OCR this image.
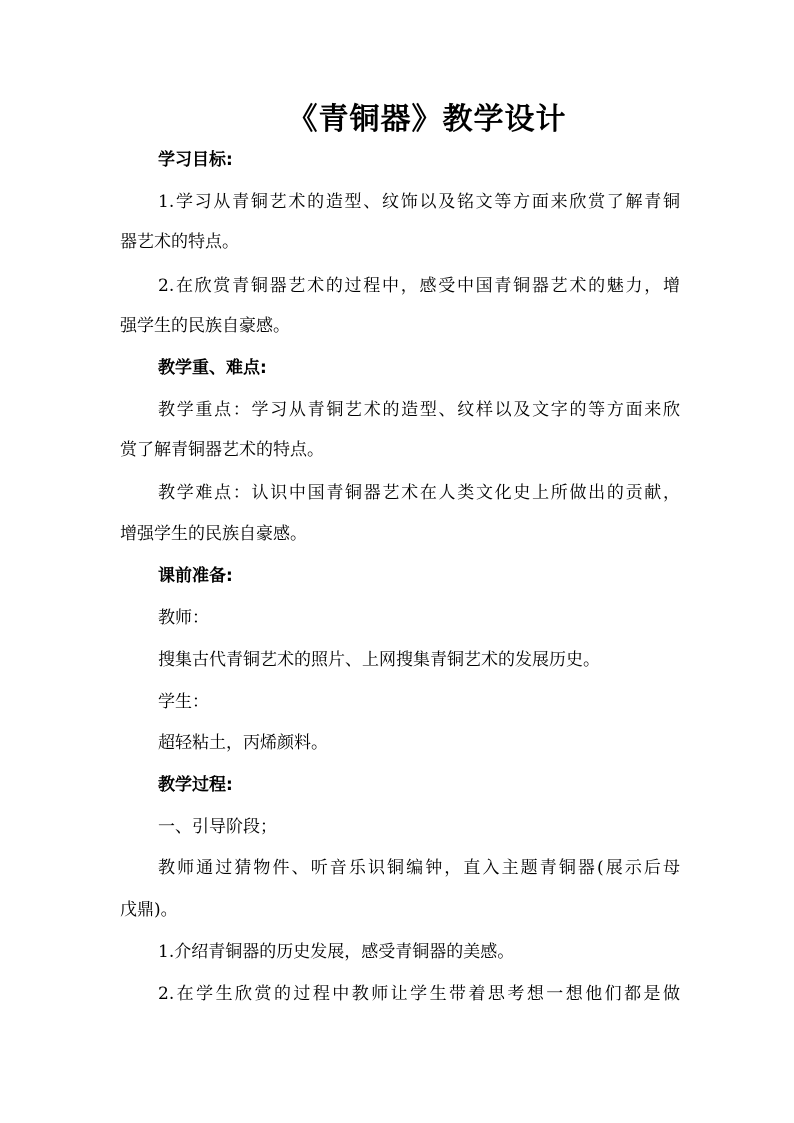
《青铜器》教学设计
学习目标:
1.学习从青铜艺术的造型、纹饰以及铭文等方面来欣赏了解青铜
器艺术的特点。
2.在欣赏青铜器艺术的过程中，感受中国青铜器艺术的魅力，增
强学生的民族自豪感。
教学重、难点:
教学重点：学习从青铜艺术的造型、纹样以及文字的等方面来欣
赏了解青铜器艺术的特点。
教学难点：认识中国青铜器艺术在人类文化史上所做出的贡献，
增强学生的民族自豪感。
课前准备:
教师：
搜集古代青铜艺术的照片、上网搜集青铜艺术的发展历史。
学生：
超轻粘土，丙烯颜料。
教学过程:
一、引导阶段；
教师通过猜物件、听音乐识铜编钟，直入主题青铜器(展示后母
戊鼎)。
1.介绍青铜器的历史发展，感受青铜器的美感。
2.在学生欣赏的过程中教师让学生带着思考想一想他们都是做
